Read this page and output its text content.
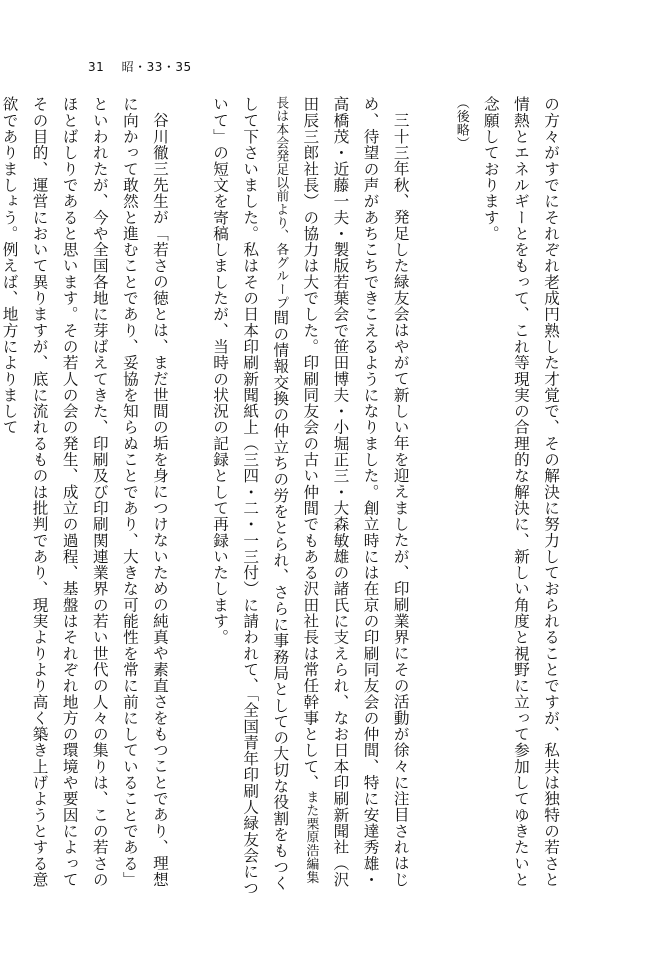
31 昭・33・35

の方々がすでにそれぞれ老成円熟した才覚で、その解決に努力しておられることですが、私共は独特の若さと情熱とエネルギーとをもって、これ等現実の合理的な解決に、新しい角度と視野に立って参加してゆきたいと念願しております。

（後略）

三十三年秋、発足した緑友会はやがて新しい年を迎えましたが、印刷業界にその活動が徐々に注目されはじめ、待望の声があちこちできこえるようになりました。創立時には在京の印刷同友会の仲間、特に安達秀雄・高橋茂・近藤一夫・製版若葉会で笹田博夫・小堀正三・大森敏雄の諸氏に支えられ、なお日本印刷新聞社（沢田辰三郎社長）の協力は大でした。印刷同友会の古い仲間でもある沢田社長は常任幹事として、また栗原浩編集長は本会発足以前より、各グループ間の情報交換の仲立ちの労をとられ、さらに事務局としての大切な役割をもつくして下さいました。私はその日本印刷新聞紙上（三四・二・一三付）に請われて、「全国青年印刷人緑友会について」の短文を寄稿しましたが、当時の状況の記録として再録いたします。

谷川徹三先生が「若さの徳とは、まだ世間の垢を身につけないための純真や素直さをもつことであり、理想に向かって敢然と進むことであり、妥協を知らぬことであり、大きな可能性を常に前にしていることである」といわれたが、今や全国各地に芽ばえてきた、印刷及び印刷関連業界の若い世代の人々の集りは、この若さのほとばしりであると思います。その若人の会の発生、成立の過程、基盤はそれぞれ地方の環境や要因によってその目的、運営において異りますが、底に流れるものは批判であり、現実よりより高く築き上げようとする意欲でありましょう。例えば、地方によりまして
